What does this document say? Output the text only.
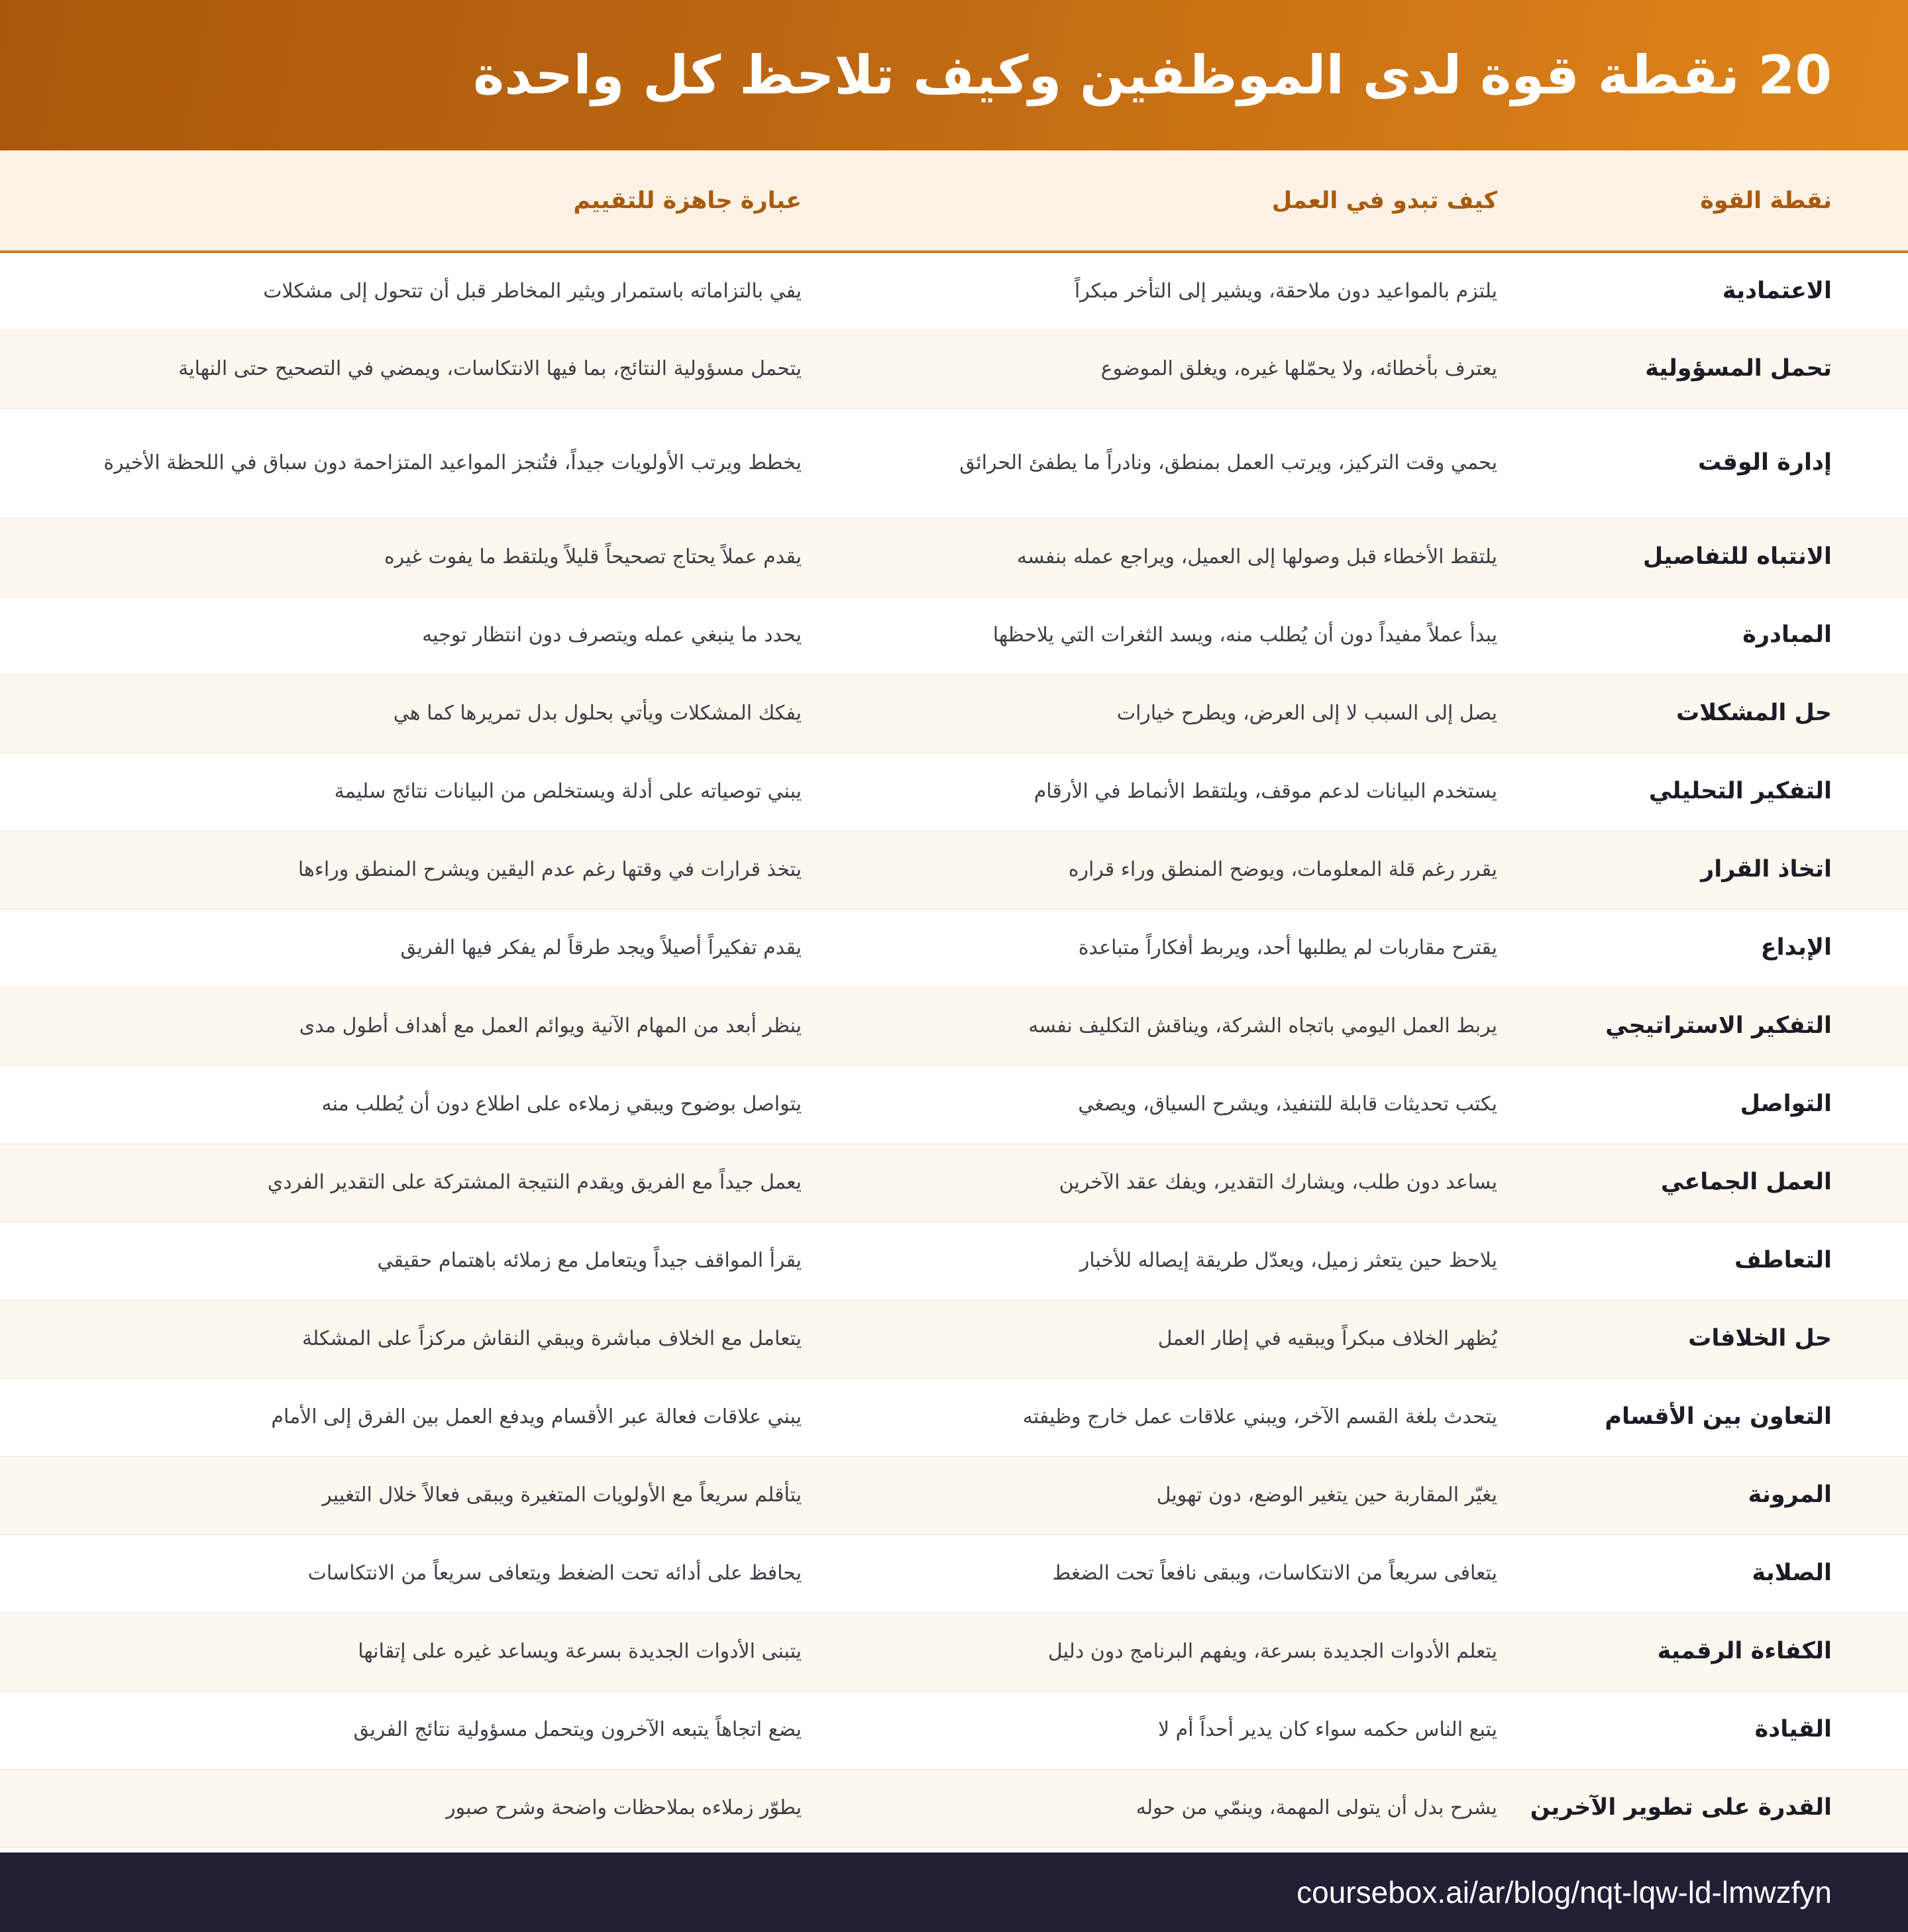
20 نقطة قوة لدى الموظفين وكيف تلاحظ كل واحدة
نقطة القوة	كيف تبدو في العمل	عبارة جاهزة للتقييم
الاعتمادية	يلتزم بالمواعيد دون ملاحقة، ويشير إلى التأخر مبكراً	يفي بالتزاماته باستمرار ويثير المخاطر قبل أن تتحول إلى مشكلات
تحمل المسؤولية	يعترف بأخطائه، ولا يحمّلها غيره، ويغلق الموضوع	يتحمل مسؤولية النتائج، بما فيها الانتكاسات، ويمضي في التصحيح حتى النهاية
إدارة الوقت	يحمي وقت التركيز، ويرتب العمل بمنطق، ونادراً ما يطفئ الحرائق	يخطط ويرتب الأولويات جيداً، فتُنجز المواعيد المتزاحمة دون سباق في اللحظة الأخيرة
الانتباه للتفاصيل	يلتقط الأخطاء قبل وصولها إلى العميل، ويراجع عمله بنفسه	يقدم عملاً يحتاج تصحيحاً قليلاً ويلتقط ما يفوت غيره
المبادرة	يبدأ عملاً مفيداً دون أن يُطلب منه، ويسد الثغرات التي يلاحظها	يحدد ما ينبغي عمله ويتصرف دون انتظار توجيه
حل المشكلات	يصل إلى السبب لا إلى العرض، ويطرح خيارات	يفكك المشكلات ويأتي بحلول بدل تمريرها كما هي
التفكير التحليلي	يستخدم البيانات لدعم موقف، ويلتقط الأنماط في الأرقام	يبني توصياته على أدلة ويستخلص من البيانات نتائج سليمة
اتخاذ القرار	يقرر رغم قلة المعلومات، ويوضح المنطق وراء قراره	يتخذ قرارات في وقتها رغم عدم اليقين ويشرح المنطق وراءها
الإبداع	يقترح مقاربات لم يطلبها أحد، ويربط أفكاراً متباعدة	يقدم تفكيراً أصيلاً ويجد طرقاً لم يفكر فيها الفريق
التفكير الاستراتيجي	يربط العمل اليومي باتجاه الشركة، ويناقش التكليف نفسه	ينظر أبعد من المهام الآنية ويوائم العمل مع أهداف أطول مدى
التواصل	يكتب تحديثات قابلة للتنفيذ، ويشرح السياق، ويصغي	يتواصل بوضوح ويبقي زملاءه على اطلاع دون أن يُطلب منه
العمل الجماعي	يساعد دون طلب، ويشارك التقدير، ويفك عقد الآخرين	يعمل جيداً مع الفريق ويقدم النتيجة المشتركة على التقدير الفردي
التعاطف	يلاحظ حين يتعثر زميل، ويعدّل طريقة إيصاله للأخبار	يقرأ المواقف جيداً ويتعامل مع زملائه باهتمام حقيقي
حل الخلافات	يُظهر الخلاف مبكراً ويبقيه في إطار العمل	يتعامل مع الخلاف مباشرة ويبقي النقاش مركزاً على المشكلة
التعاون بين الأقسام	يتحدث بلغة القسم الآخر، ويبني علاقات عمل خارج وظيفته	يبني علاقات فعالة عبر الأقسام ويدفع العمل بين الفرق إلى الأمام
المرونة	يغيّر المقاربة حين يتغير الوضع، دون تهويل	يتأقلم سريعاً مع الأولويات المتغيرة ويبقى فعالاً خلال التغيير
الصلابة	يتعافى سريعاً من الانتكاسات، ويبقى نافعاً تحت الضغط	يحافظ على أدائه تحت الضغط ويتعافى سريعاً من الانتكاسات
الكفاءة الرقمية	يتعلم الأدوات الجديدة بسرعة، ويفهم البرنامج دون دليل	يتبنى الأدوات الجديدة بسرعة ويساعد غيره على إتقانها
القيادة	يتبع الناس حكمه سواء كان يدير أحداً أم لا	يضع اتجاهاً يتبعه الآخرون ويتحمل مسؤولية نتائج الفريق
القدرة على تطوير الآخرين	يشرح بدل أن يتولى المهمة، وينمّي من حوله	يطوّر زملاءه بملاحظات واضحة وشرح صبور
coursebox.ai/ar/blog/nqt-lqw-ld-lmwzfyn
